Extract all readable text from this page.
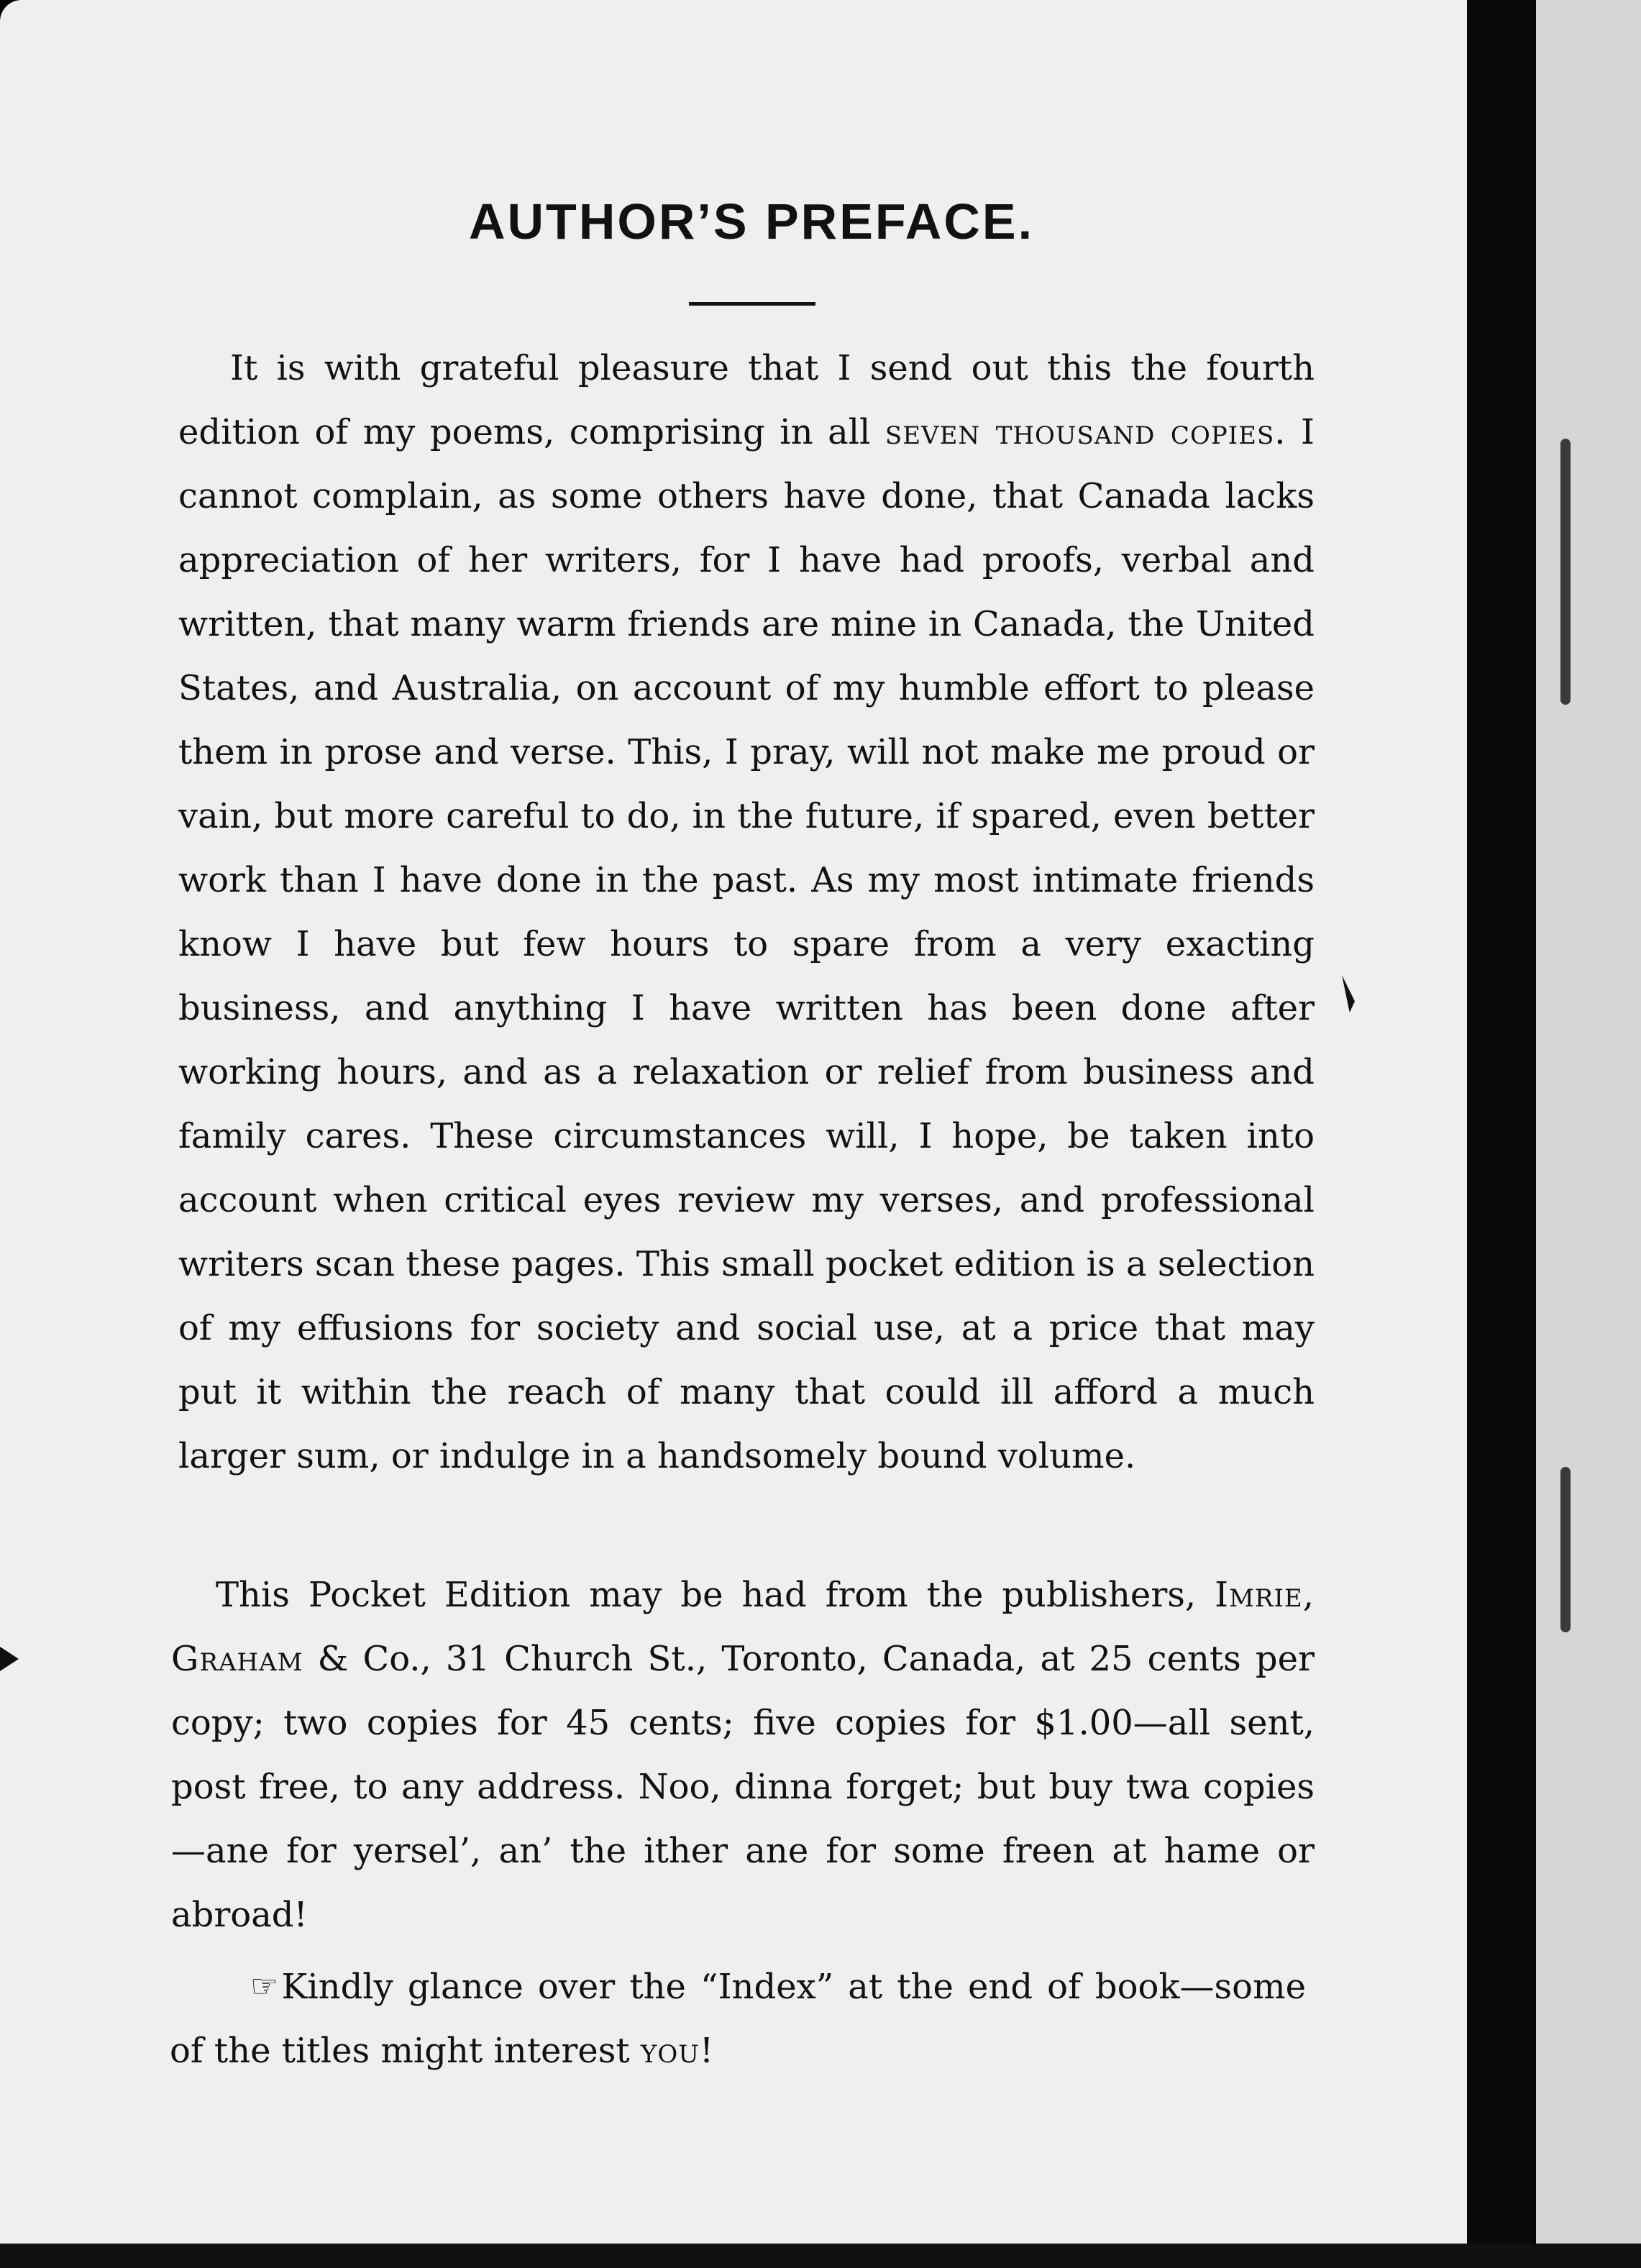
AUTHOR’S PREFACE.

It is with grateful pleasure that I send out this the fourth edition of my poems, comprising in all seven thousand copies. I cannot complain, as some others have done, that Canada lacks appreciation of her writers, for I have had proofs, verbal and written, that many warm friends are mine in Canada, the United States, and Australia, on account of my humble effort to please them in prose and verse. This, I pray, will not make me proud or vain, but more careful to do, in the future, if spared, even better work than I have done in the past. As my most intimate friends know I have but few hours to spare from a very exacting business, and anything I have written has been done after working hours, and as a relaxation or relief from business and family cares. These circumstances will, I hope, be taken into account when critical eyes review my verses, and professional writers scan these pages. This small pocket edition is a selection of my effusions for society and social use, at a price that may put it within the reach of many that could ill afford a much larger sum, or indulge in a handsomely bound volume.

This Pocket Edition may be had from the publishers, Imrie, Graham & Co., 31 Church St., Toronto, Canada, at 25 cents per copy; two copies for 45 cents; five copies for $1.00—all sent, post free, to any address. Noo, dinna forget; but buy twa copies—ane for yersel’, an’ the ither ane for some freen at hame or abroad!

☞Kindly glance over the “Index” at the end of book—some of the titles might interest you!
